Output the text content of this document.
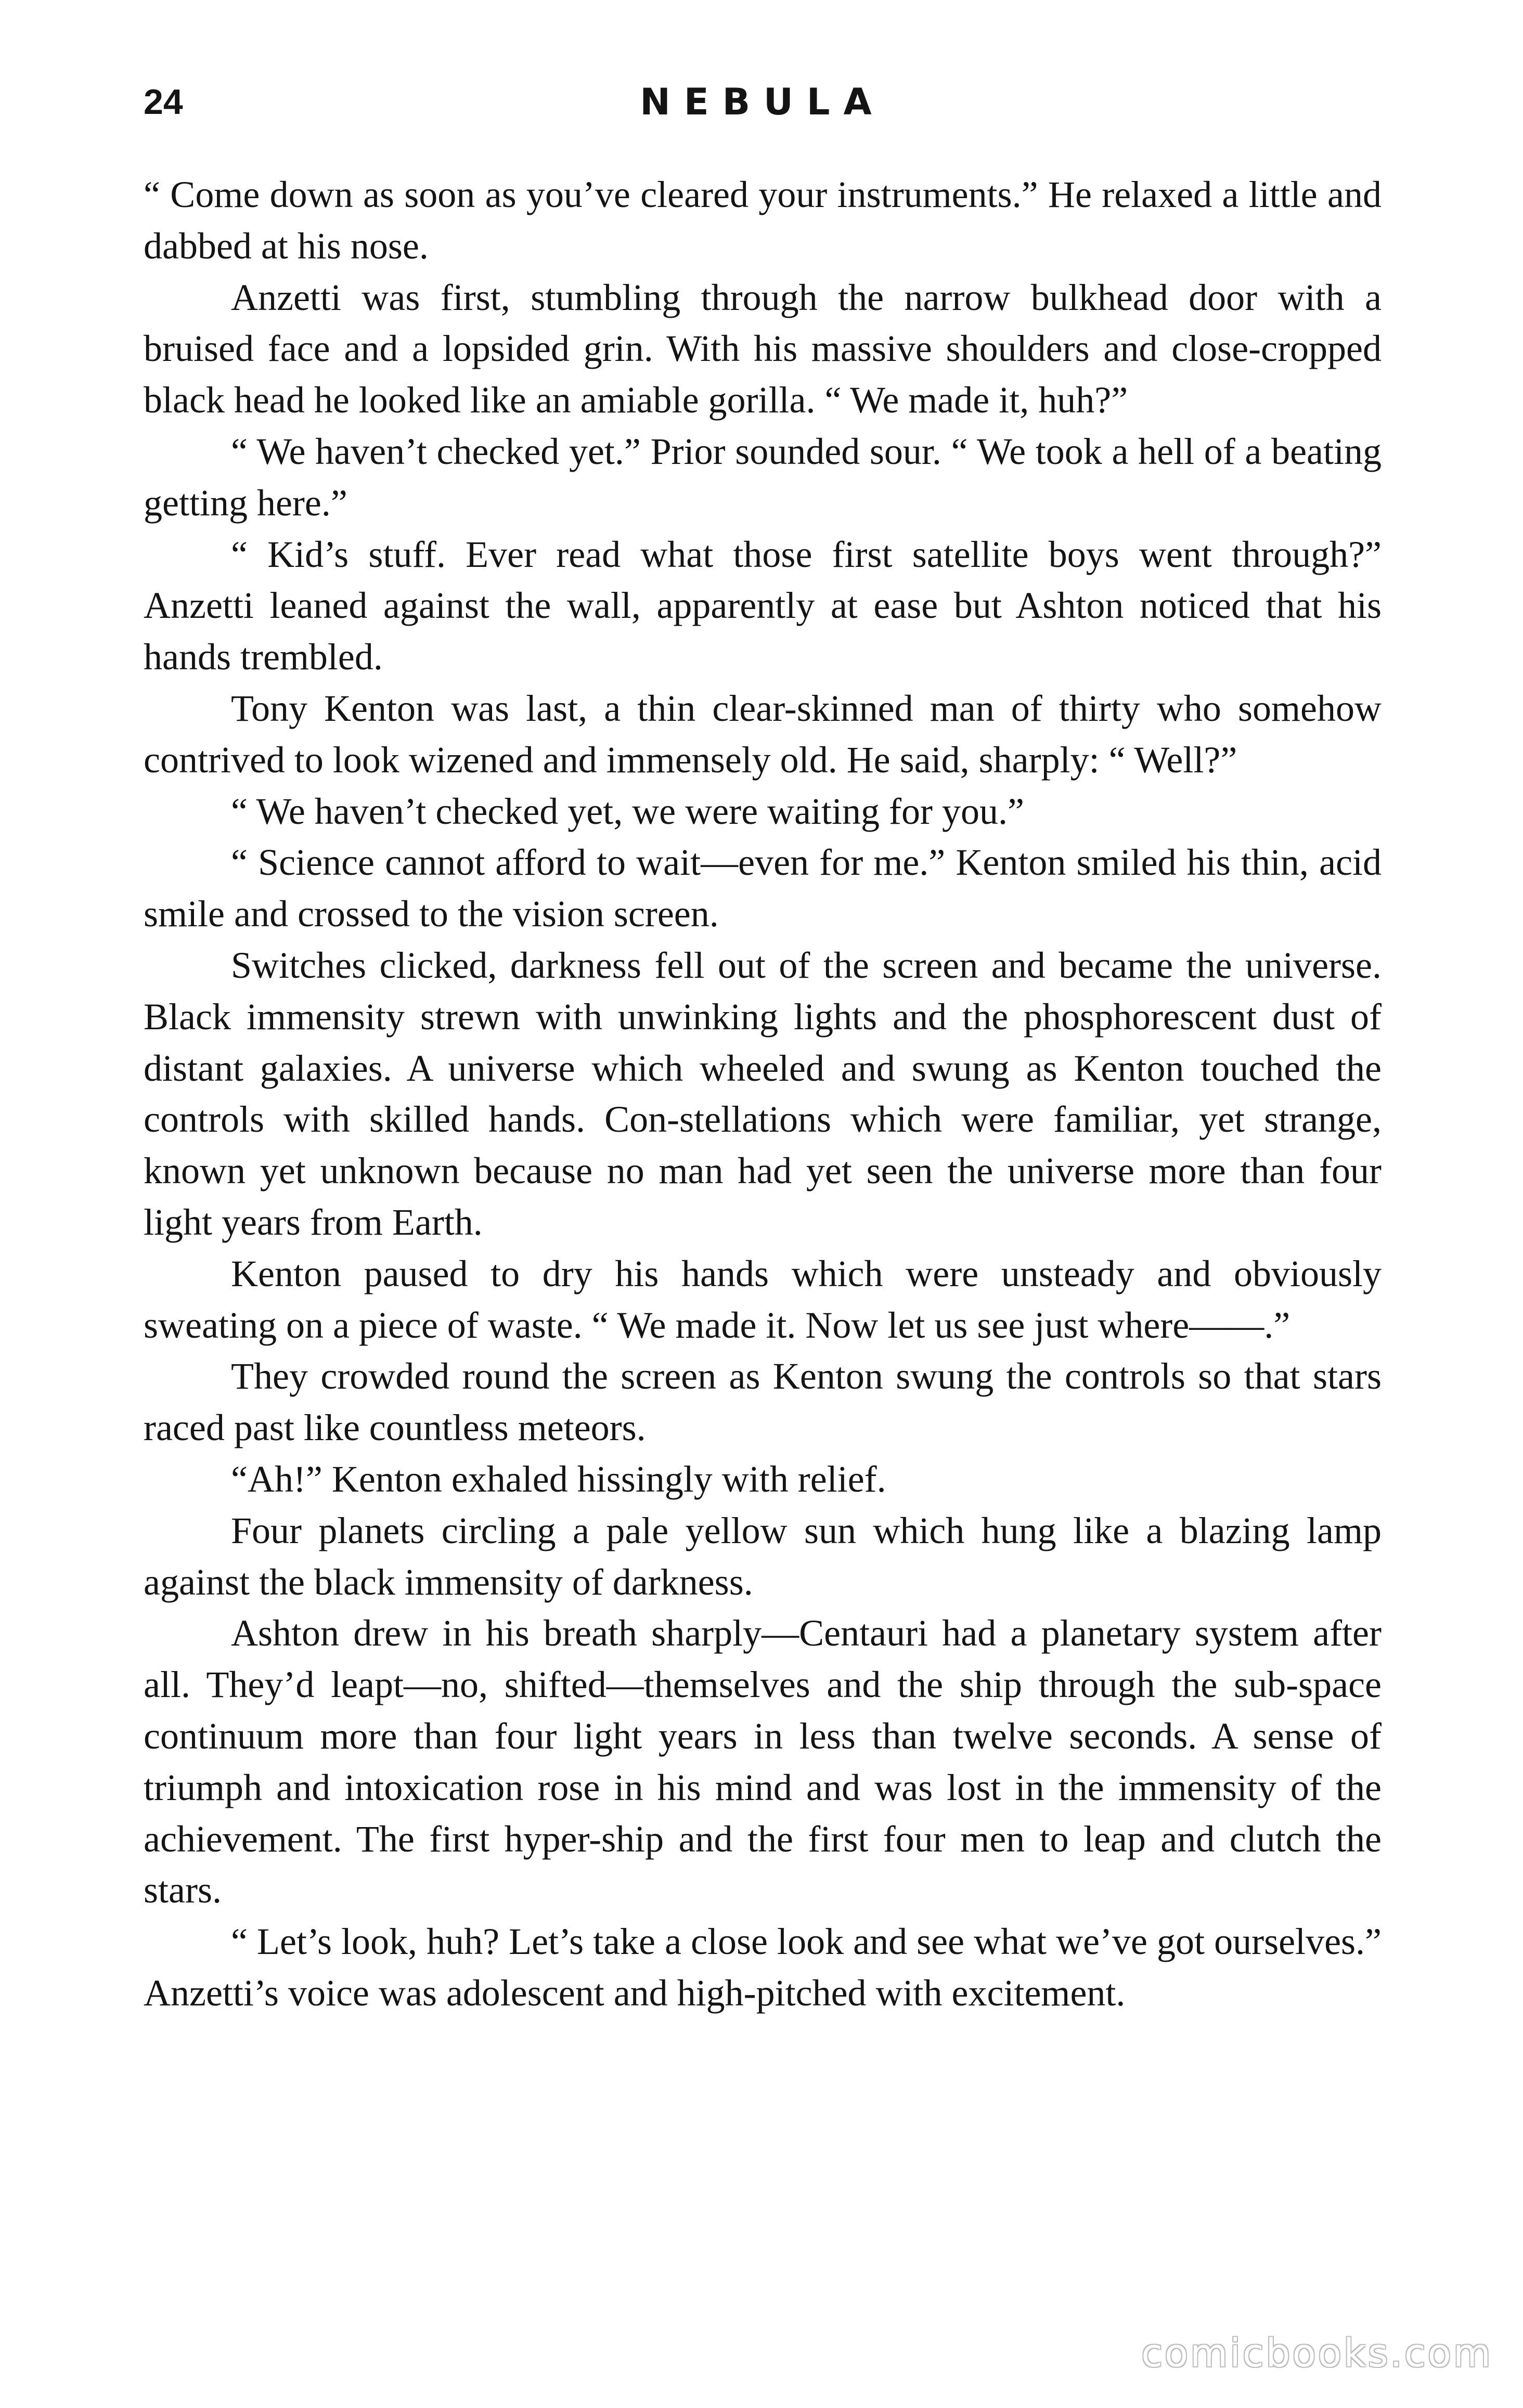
24	NEBULA

“ Come down as soon as you’ve cleared your instruments.” He relaxed a little and dabbed at his nose.

Anzetti was first, stumbling through the narrow bulkhead door with a bruised face and a lopsided grin. With his massive shoulders and close-cropped black head he looked like an amiable gorilla. “ We made it, huh?”

“ We haven’t checked yet.” Prior sounded sour. “ We took a hell of a beating getting here.”

“ Kid’s stuff. Ever read what those first satellite boys went through?” Anzetti leaned against the wall, apparently at ease but Ashton noticed that his hands trembled.

Tony Kenton was last, a thin clear-skinned man of thirty who somehow contrived to look wizened and immensely old. He said, sharply: “ Well?”

“ We haven’t checked yet, we were waiting for you.”

“ Science cannot afford to wait—even for me.” Kenton smiled his thin, acid smile and crossed to the vision screen.

Switches clicked, darkness fell out of the screen and became the universe. Black immensity strewn with unwinking lights and the phosphorescent dust of distant galaxies. A universe which wheeled and swung as Kenton touched the controls with skilled hands. Con-stellations which were familiar, yet strange, known yet unknown because no man had yet seen the universe more than four light years from Earth.

Kenton paused to dry his hands which were unsteady and obviously sweating on a piece of waste. “ We made it. Now let us see just where——.”

They crowded round the screen as Kenton swung the controls so that stars raced past like countless meteors.

“Ah!” Kenton exhaled hissingly with relief.

Four planets circling a pale yellow sun which hung like a blazing lamp against the black immensity of darkness.

Ashton drew in his breath sharply—Centauri had a planetary system after all. They’d leapt—no, shifted—themselves and the ship through the sub-space continuum more than four light years in less than twelve seconds. A sense of triumph and intoxication rose in his mind and was lost in the immensity of the achievement. The first hyper-ship and the first four men to leap and clutch the stars.

“ Let’s look, huh? Let’s take a close look and see what we’ve got ourselves.” Anzetti’s voice was adolescent and high-pitched with excitement.

comicbooks.com
